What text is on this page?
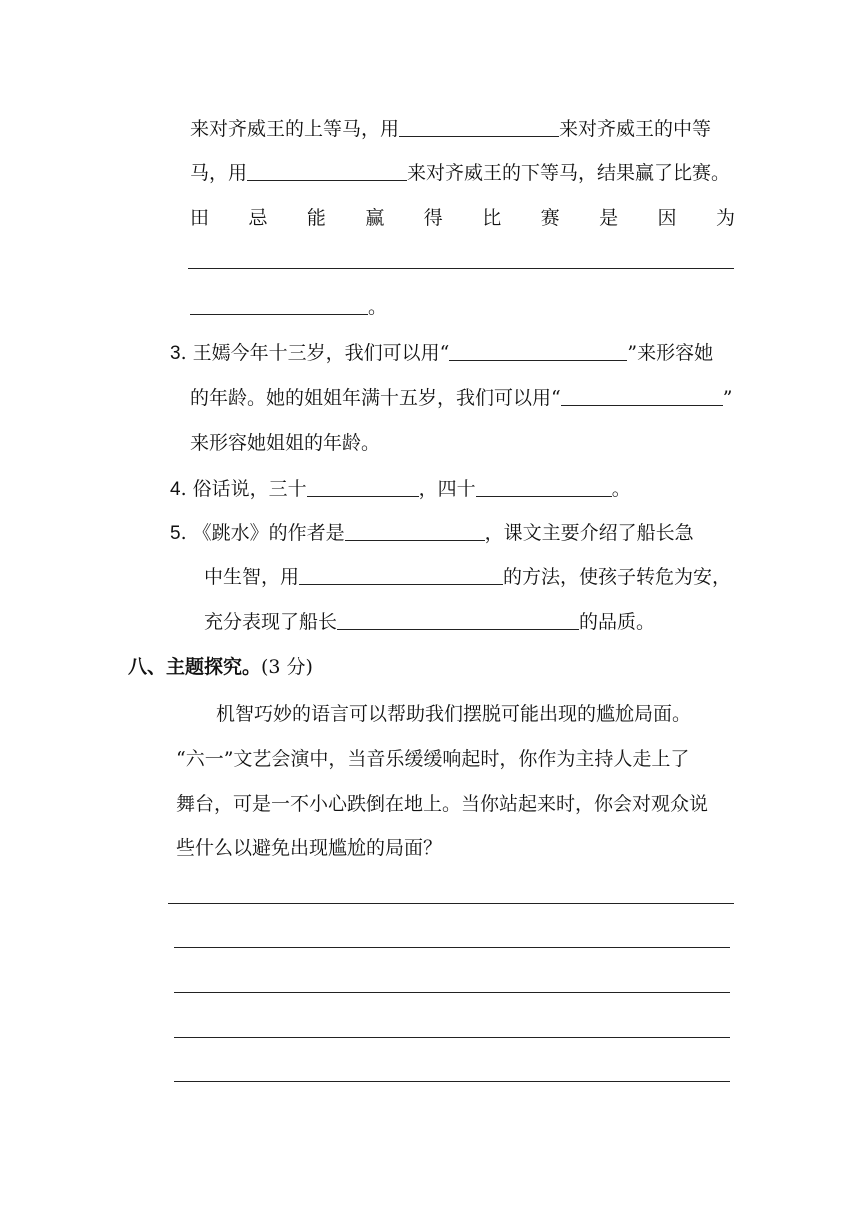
来对齐威王的上等马，用	来对齐威王的中等
马，用	来对齐威王的下等马，结果赢了比赛。
田 忌 能 赢 得 比 赛 是 因 为
。
3. 王嫣今年十三岁，我们可以用“	”来形容她
的年龄。她的姐姐年满十五岁，我们可以用“	”
来形容她姐姐的年龄。
4. 俗话说，三十	，四十	。
5. 《跳水》的作者是	，课文主要介绍了船长急
中生智，用	的方法，使孩子转危为安，
充分表现了船长	的品质。
八、主题探究。(3 分)
机智巧妙的语言可以帮助我们摆脱可能出现的尴尬局面。
“六一”文艺会演中，当音乐缓缓响起时，你作为主持人走上了
舞台，可是一不小心跌倒在地上。当你站起来时，你会对观众说
些什么以避免出现尴尬的局面？
